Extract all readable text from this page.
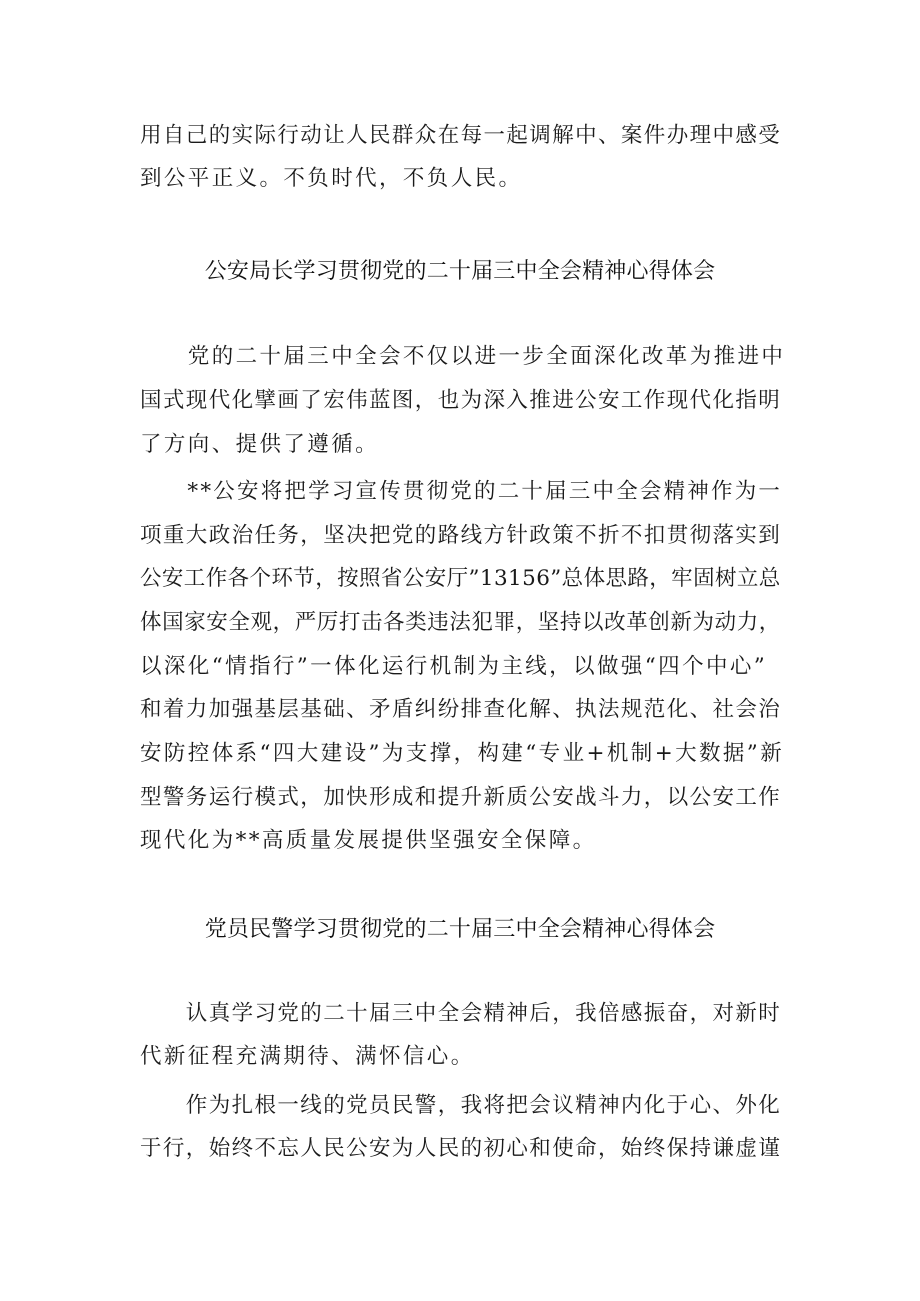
用自己的实际行动让人民群众在每一起调解中、案件办理中感受
到公平正义。不负时代，不负人民。
公安局长学习贯彻党的二十届三中全会精神心得体会
　　党的二十届三中全会不仅以进一步全面深化改革为推进中
国式现代化擘画了宏伟蓝图，也为深入推进公安工作现代化指明
了方向、提供了遵循。
　　**公安将把学习宣传贯彻党的二十届三中全会精神作为一
项重大政治任务，坚决把党的路线方针政策不折不扣贯彻落实到
公安工作各个环节，按照省公安厅”13156”总体思路，牢固树立总
体国家安全观，严厉打击各类违法犯罪，坚持以改革创新为动力，
以深化“情指行”一体化运行机制为主线，以做强“四个中心”
和着力加强基层基础、矛盾纠纷排查化解、执法规范化、社会治
安防控体系“四大建设”为支撑，构建“专业+机制+大数据”新
型警务运行模式，加快形成和提升新质公安战斗力，以公安工作
现代化为**高质量发展提供坚强安全保障。
党员民警学习贯彻党的二十届三中全会精神心得体会
　　认真学习党的二十届三中全会精神后，我倍感振奋，对新时
代新征程充满期待、满怀信心。
　　作为扎根一线的党员民警，我将把会议精神内化于心、外化
于行，始终不忘人民公安为人民的初心和使命，始终保持谦虚谨
